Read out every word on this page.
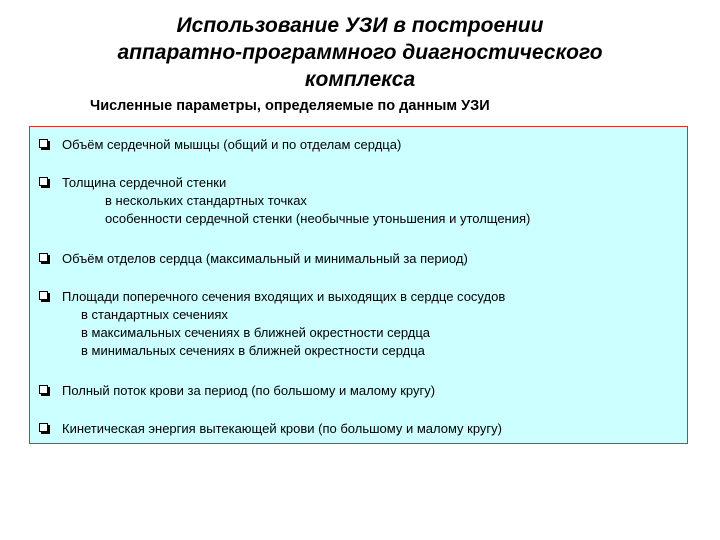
Использование УЗИ в построении
аппаратно-программного диагностического
комплекса
Численные параметры, определяемые по данным УЗИ
Объём сердечной мышцы (общий и по отделам сердца)
Толщина сердечной стенки
в нескольких стандартных точках
особенности сердечной стенки (необычные утоньшения и утолщения)
Объём отделов сердца (максимальный и минимальный за период)
Площади поперечного сечения входящих и выходящих в сердце сосудов
в стандартных сечениях
в максимальных сечениях в ближней окрестности сердца
в минимальных сечениях в ближней окрестности сердца
Полный поток крови за период (по большому и малому кругу)
Кинетическая энергия вытекающей крови (по большому и малому кругу)
